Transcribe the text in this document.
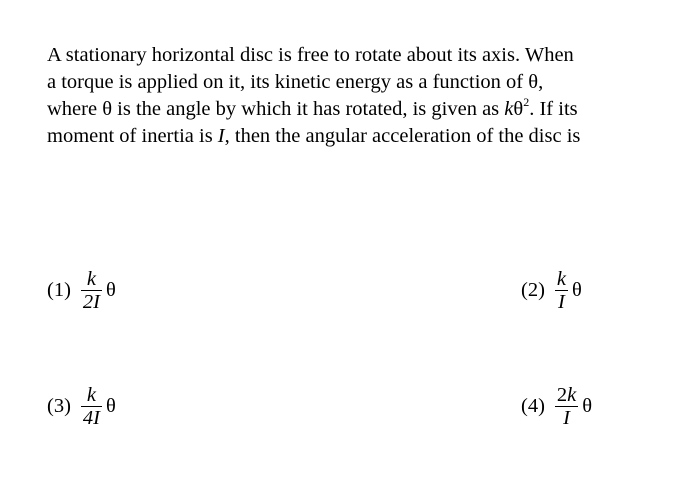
A stationary horizontal disc is free to rotate about its axis. When

a torque is applied on it, its kinetic energy as a function of θ,

where θ is the angle by which it has rotated, is given as $k\theta^2$. If its

moment of inertia is I, then the angular acceleration of the disc is

$(1) \frac{k}{2I}$ θ	$(2) \frac{k}{I}$ θ
$(3) \frac{k}{4I}$ θ	$(4) \frac{2k}{I}$ θ
